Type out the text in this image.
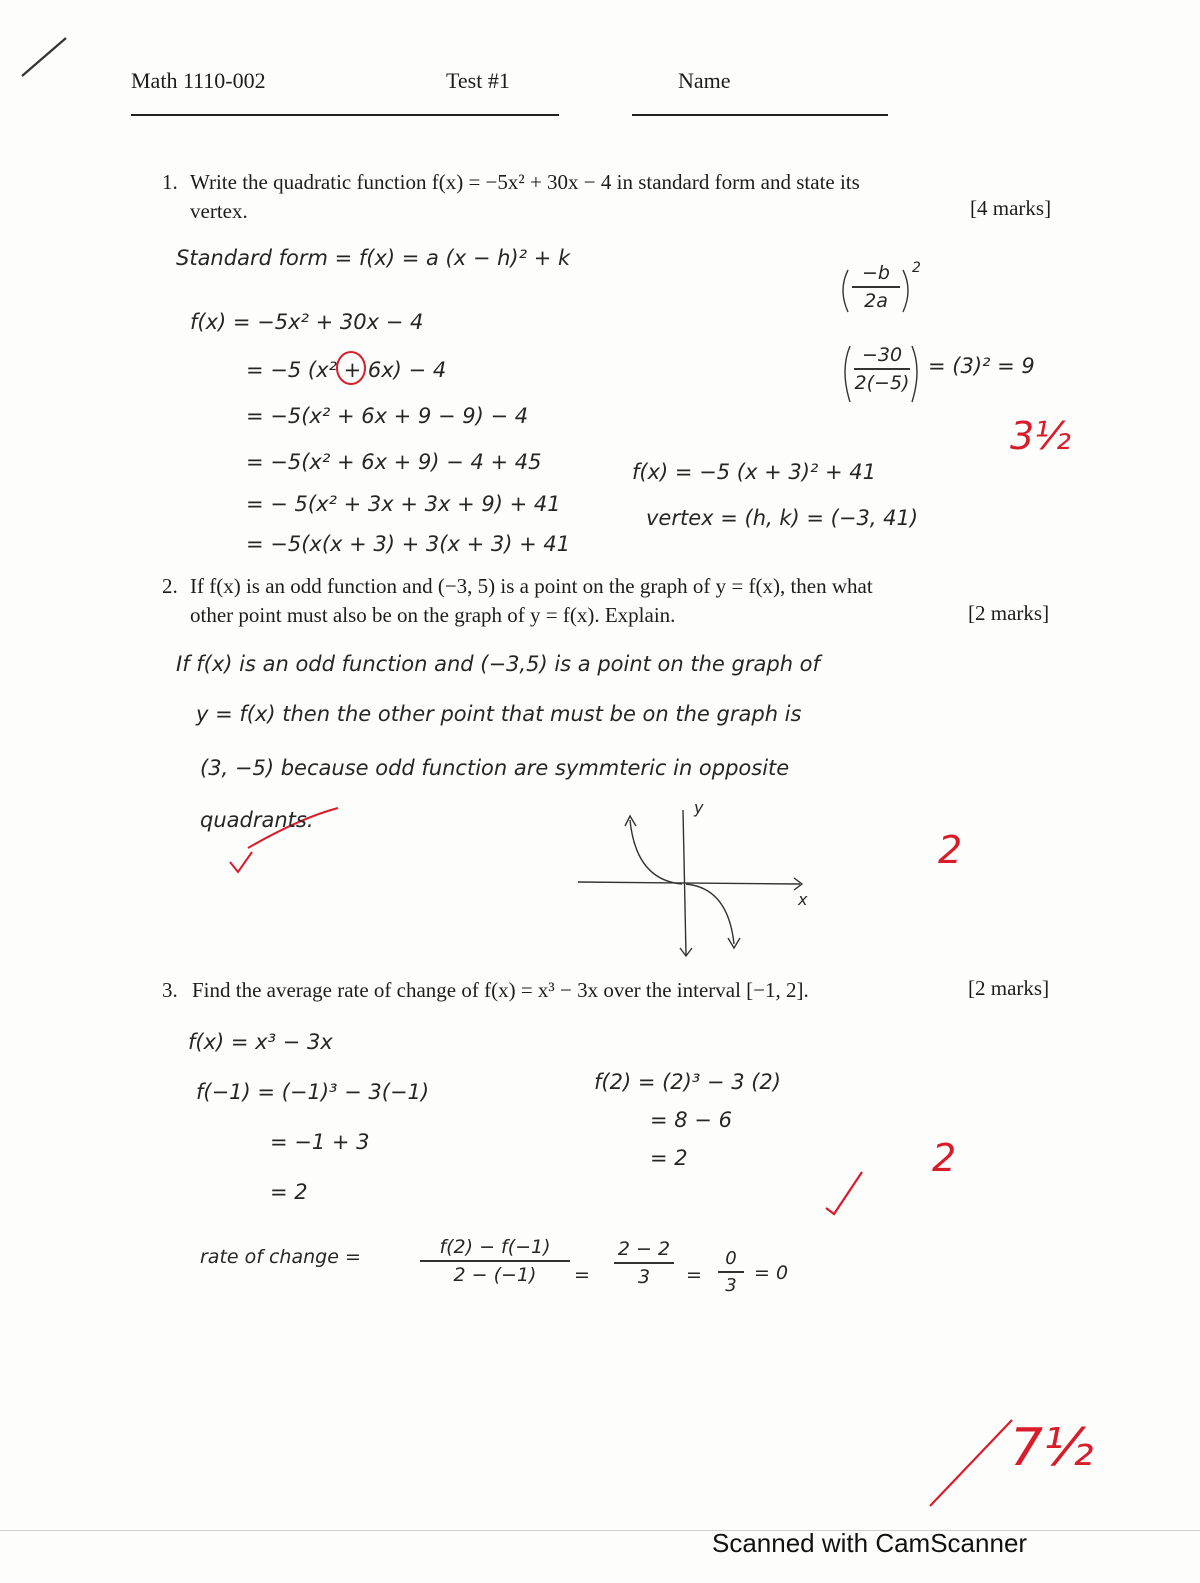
Math 1110-002	Test #1	Name
1. Write the quadratic function f(x) = −5x² + 30x − 4 in standard form and state its
vertex.	[4 marks]
Standard form = f(x) = a (x − h)² + k
f(x) = −5x² + 30x − 4
= −5 (x² + 6x) − 4
= −5(x² + 6x + 9 − 9) − 4
= −5(x² + 6x + 9) − 4 + 45
= − 5(x² + 3x + 3x + 9) + 41
= −5(x(x + 3) + 3(x + 3) + 41
−b
2a
2
−30
2(−5)
= (3)² = 9
3½
f(x) = −5 (x + 3)² + 41
vertex = (h, k) = (−3, 41)
2. If f(x) is an odd function and (−3, 5) is a point on the graph of y = f(x), then what
other point must also be on the graph of y = f(x). Explain.	[2 marks]
If f(x) is an odd function and (−3,5) is a point on the graph of
y = f(x) then the other point that must be on the graph is
(3, −5) because odd function are symmteric in opposite
quadrants.
y
x
2
3. Find the average rate of change of f(x) = x³ − 3x over the interval [−1, 2].	[2 marks]
f(x) = x³ − 3x
f(−1) = (−1)³ − 3(−1)
= −1 + 3
= 2
f(2) = (2)³ − 3 (2)
= 8 − 6
= 2	2
rate of change =	f(2) − f(−1)
2 − (−1)	=
2 − 2
3	=
0
3
= 0
7½
Scanned with CamScanner
